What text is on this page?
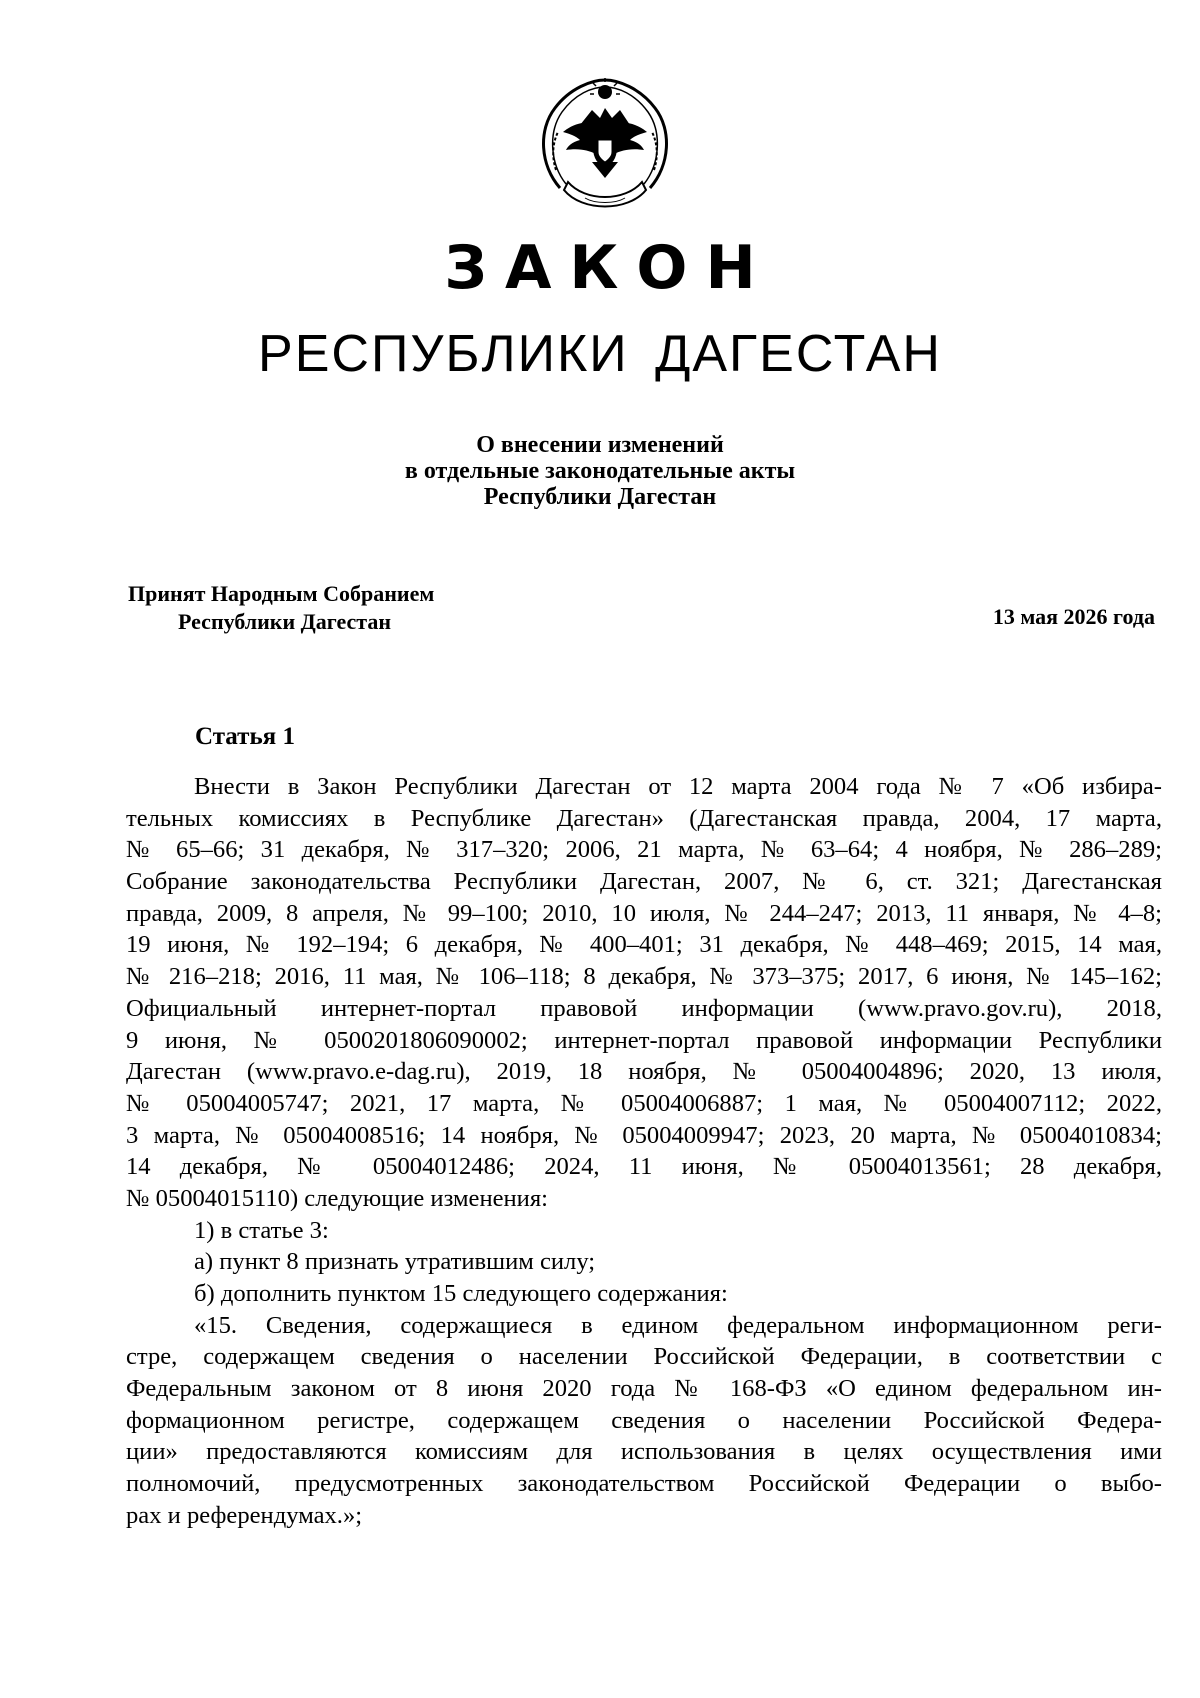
ЗАКОН
РЕСПУБЛИКИ ДАГЕСТАН
О внесении изменений
в отдельные законодательные акты
Республики Дагестан
Принят Народным Собранием
Республики Дагестан	13 мая 2026 года
Статья 1
Внести в Закон Республики Дагестан от 12 марта 2004 года № 7 «Об избира-
тельных комиссиях в Республике Дагестан» (Дагестанская правда, 2004, 17 марта,
№ 65–66; 31 декабря, № 317–320; 2006, 21 марта, № 63–64; 4 ноября, № 286–289;
Собрание законодательства Республики Дагестан, 2007, № 6, ст. 321; Дагестанская
правда, 2009, 8 апреля, № 99–100; 2010, 10 июля, № 244–247; 2013, 11 января, № 4–8;
19 июня, № 192–194; 6 декабря, № 400–401; 31 декабря, № 448–469; 2015, 14 мая,
№ 216–218; 2016, 11 мая, № 106–118; 8 декабря, № 373–375; 2017, 6 июня, № 145–162;
Официальный интернет-портал правовой информации (www.pravo.gov.ru), 2018,
9 июня, № 0500201806090002; интернет-портал правовой информации Республики
Дагестан (www.pravo.e-dag.ru), 2019, 18 ноября, № 05004004896; 2020, 13 июля,
№ 05004005747; 2021, 17 марта, № 05004006887; 1 мая, № 05004007112; 2022,
3 марта, № 05004008516; 14 ноября, № 05004009947; 2023, 20 марта, № 05004010834;
14 декабря, № 05004012486; 2024, 11 июня, № 05004013561; 28 декабря,
№ 05004015110) следующие изменения:
1) в статье 3:
а) пункт 8 признать утратившим силу;
б) дополнить пунктом 15 следующего содержания:
«15. Сведения, содержащиеся в едином федеральном информационном реги-
стре, содержащем сведения о населении Российской Федерации, в соответствии с
Федеральным законом от 8 июня 2020 года № 168-ФЗ «О едином федеральном ин-
формационном регистре, содержащем сведения о населении Российской Федера-
ции» предоставляются комиссиям для использования в целях осуществления ими
полномочий, предусмотренных законодательством Российской Федерации о выбо-
рах и референдумах.»;
